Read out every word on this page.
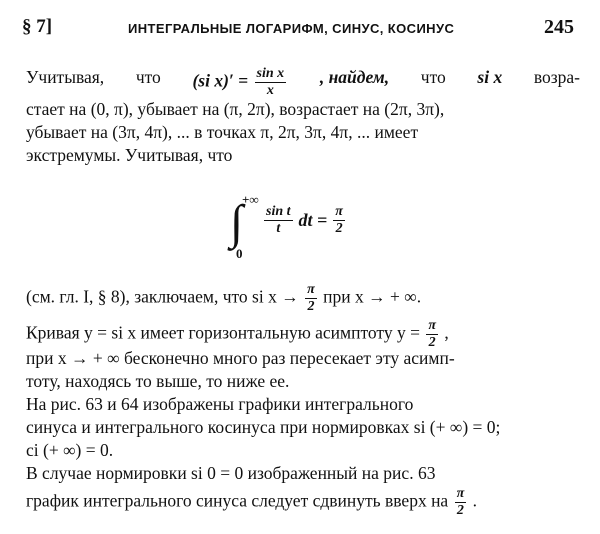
§ 7]	ИНТЕГРАЛЬНЫЕ ЛОГАРИФМ, СИНУС, КОСИНУС	245
Учитывая, что (si $x)' = \frac{\text{sin x}}{x}$ , найдем, что si x возра-
стает на (0, π), убывает на (π, 2π), возрастает на (2π, 3π),
убывает на (3π, 4π), ... в точках π, 2π, 3π, 4π, ... имеет
экстремумы. Учитывая, что
∫
+∞
0
$\frac{\text{sin t}}{t}$ dt = $\frac{\pi}{2}$
(см. гл. I, § 8), заключаем, что si $x \to \frac{\pi}{2}$ при x → + ∞.
Кривая y = si x имеет горизонтальную асимптоту $y = \frac{\pi}{2}$ ,
при x → + ∞ бесконечно много раз пересекает эту асимп-
тоту, находясь то выше, то ниже ее.
На рис. 63 и 64 изображены графики интегрального
синуса и интегрального косинуса при нормировках si (+ ∞) = 0;
ci (+ ∞) = 0.
В случае нормировки si 0 = 0 изображенный на рис. 63
график интегрального синуса следует сдвинуть вверх на $\frac{\pi}{2}$ .
